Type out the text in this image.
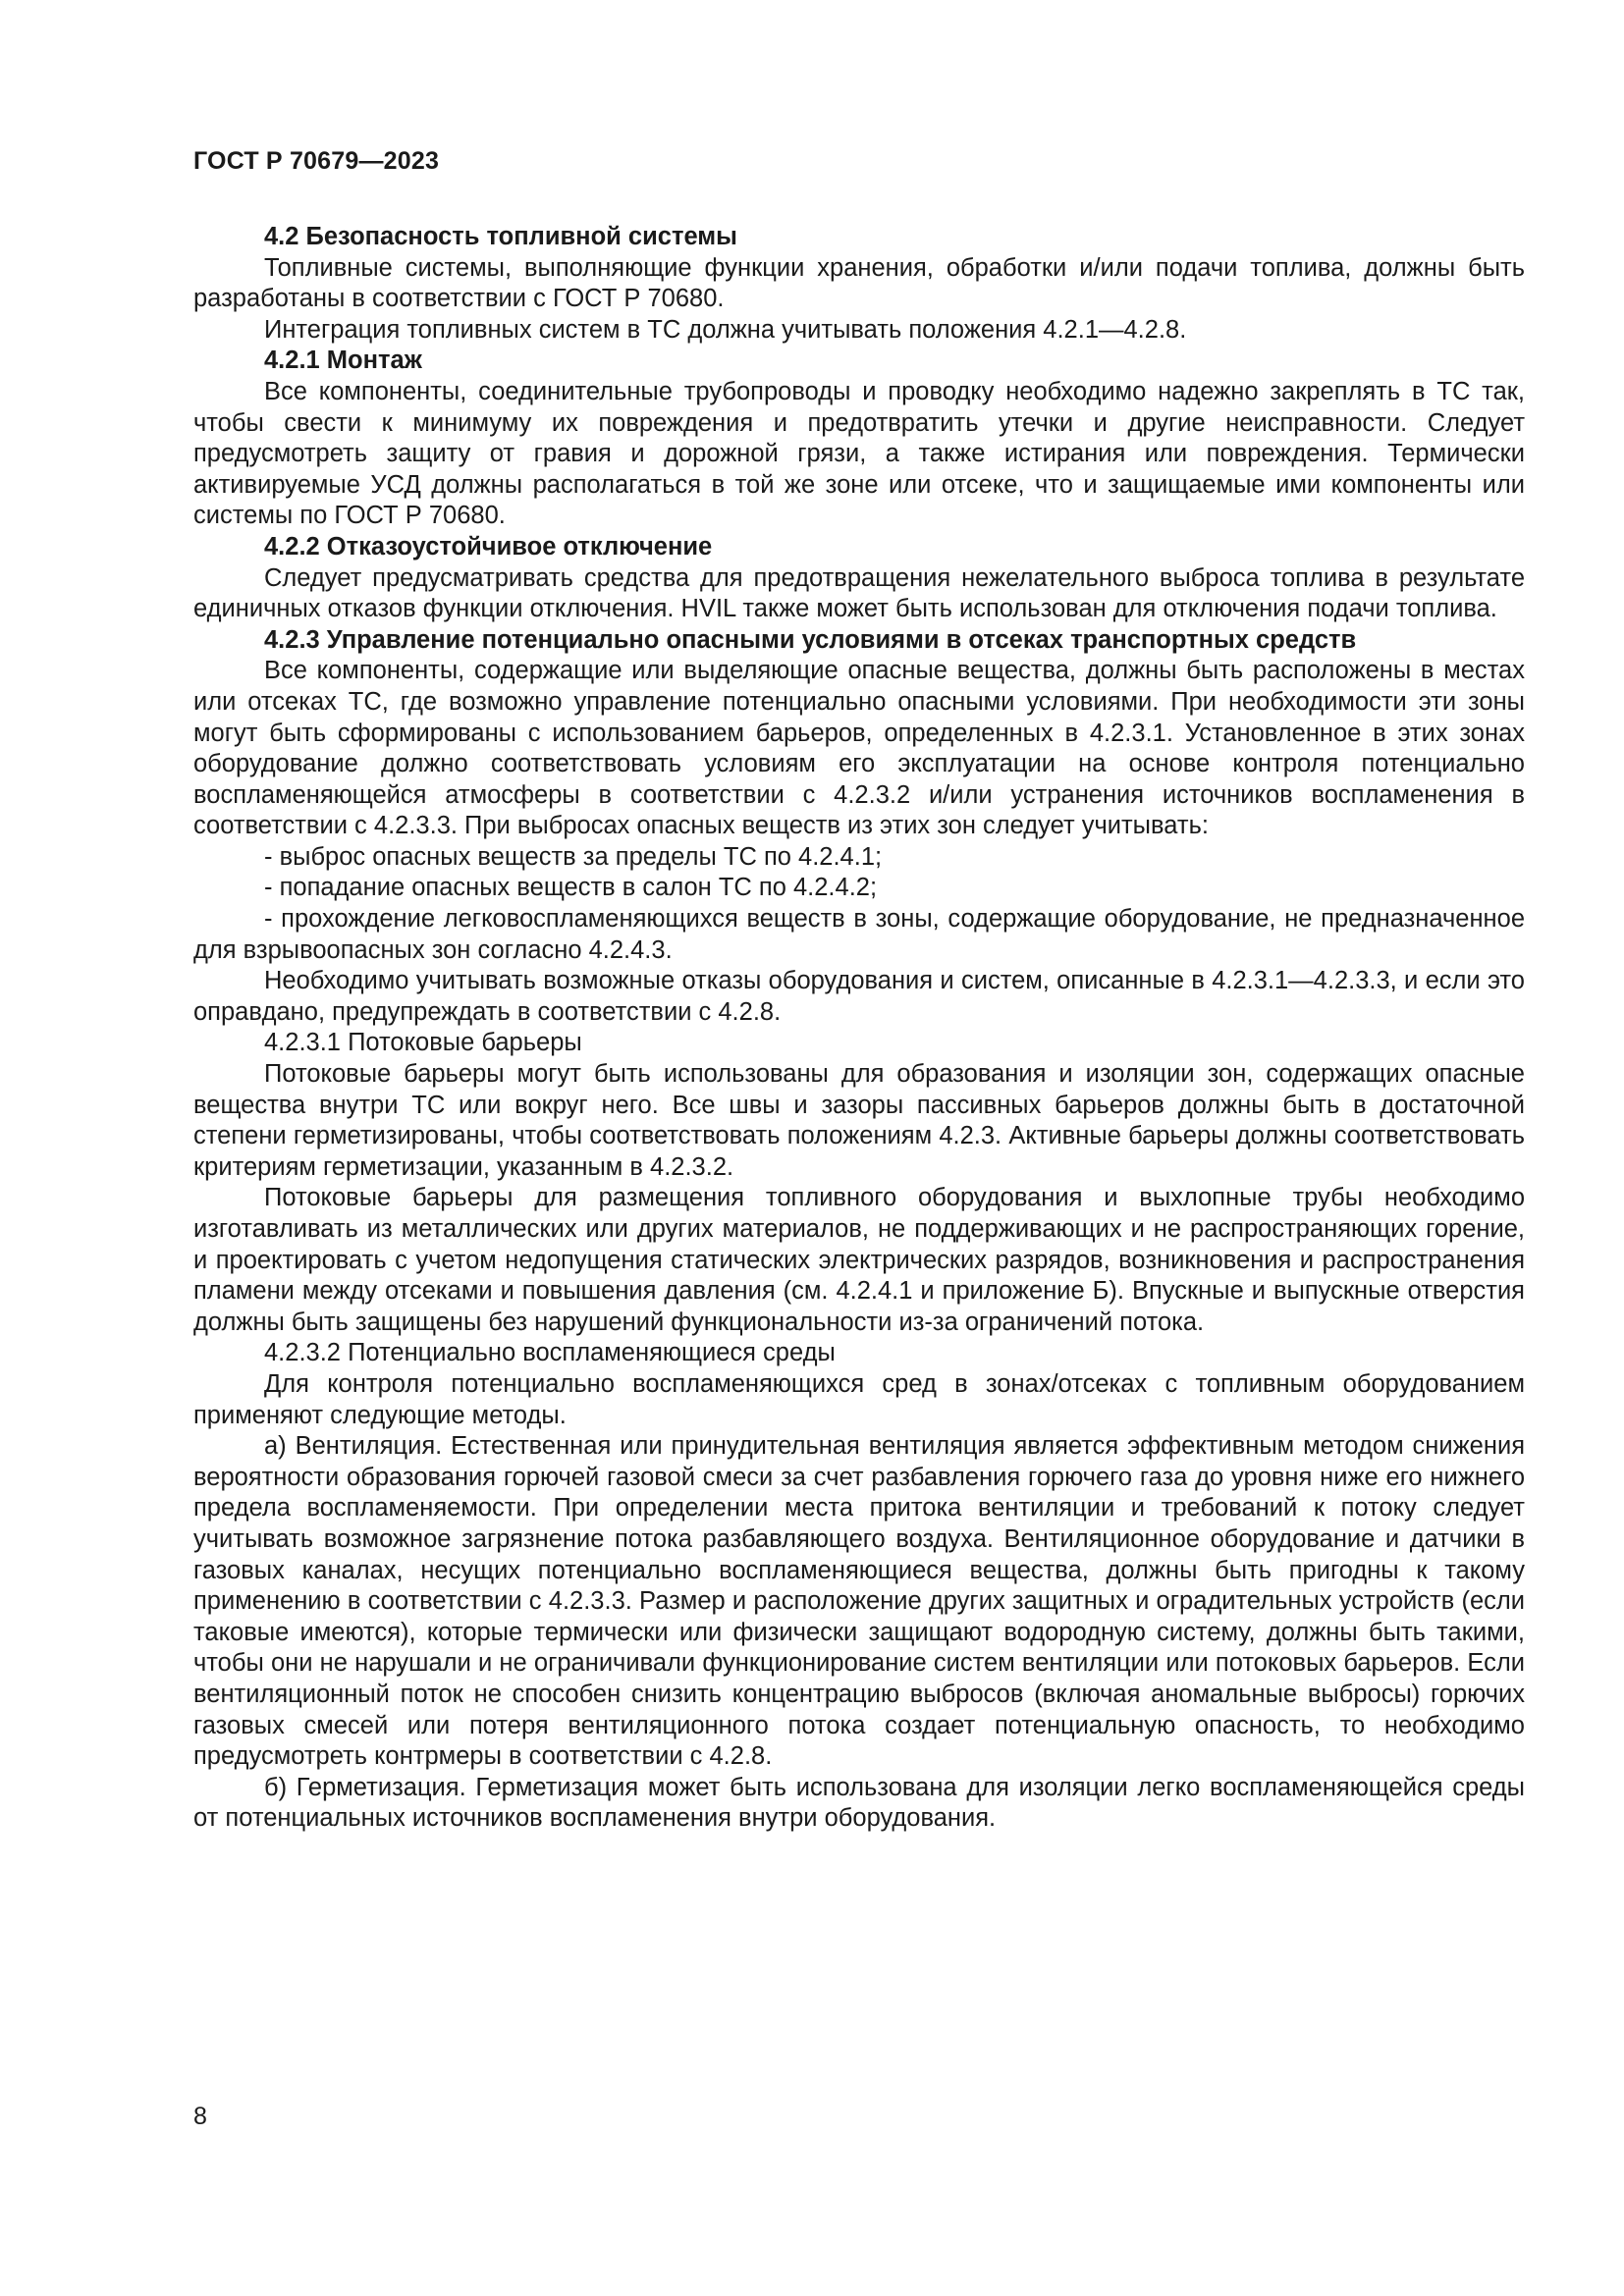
ГОСТ Р 70679—2023

4.2 Безопасность топливной системы

Топливные системы, выполняющие функции хранения, обработки и/или подачи топлива, должны быть разработаны в соответствии с ГОСТ Р 70680.

Интеграция топливных систем в ТС должна учитывать положения 4.2.1—4.2.8.

4.2.1 Монтаж

Все компоненты, соединительные трубопроводы и проводку необходимо надежно закреплять в ТС так, чтобы свести к минимуму их повреждения и предотвратить утечки и другие неисправности. Следует предусмотреть защиту от гравия и дорожной грязи, а также истирания или повреждения. Термически активируемые УСД должны располагаться в той же зоне или отсеке, что и защищаемые ими компоненты или системы по ГОСТ Р 70680.

4.2.2 Отказоустойчивое отключение

Следует предусматривать средства для предотвращения нежелательного выброса топлива в результате единичных отказов функции отключения. HVIL также может быть использован для отключения подачи топлива.

4.2.3 Управление потенциально опасными условиями в отсеках транспортных средств

Все компоненты, содержащие или выделяющие опасные вещества, должны быть расположены в местах или отсеках ТС, где возможно управление потенциально опасными условиями. При необходимости эти зоны могут быть сформированы с использованием барьеров, определенных в 4.2.3.1. Установленное в этих зонах оборудование должно соответствовать условиям его эксплуатации на основе контроля потенциально воспламеняющейся атмосферы в соответствии с 4.2.3.2 и/или устранения источников воспламенения в соответствии с 4.2.3.3. При выбросах опасных веществ из этих зон следует учитывать:

- выброс опасных веществ за пределы ТС по 4.2.4.1;

- попадание опасных веществ в салон ТС по 4.2.4.2;

- прохождение легковоспламеняющихся веществ в зоны, содержащие оборудование, не предназначенное для взрывоопасных зон согласно 4.2.4.3.

Необходимо учитывать возможные отказы оборудования и систем, описанные в 4.2.3.1—4.2.3.3, и если это оправдано, предупреждать в соответствии с 4.2.8.

4.2.3.1 Потоковые барьеры

Потоковые барьеры могут быть использованы для образования и изоляции зон, содержащих опасные вещества внутри ТС или вокруг него. Все швы и зазоры пассивных барьеров должны быть в достаточной степени герметизированы, чтобы соответствовать положениям 4.2.3. Активные барьеры должны соответствовать критериям герметизации, указанным в 4.2.3.2.

Потоковые барьеры для размещения топливного оборудования и выхлопные трубы необходимо изготавливать из металлических или других материалов, не поддерживающих и не распространяющих горение, и проектировать с учетом недопущения статических электрических разрядов, возникновения и распространения пламени между отсеками и повышения давления (см. 4.2.4.1 и приложение Б). Впускные и выпускные отверстия должны быть защищены без нарушений функциональности из-за ограничений потока.

4.2.3.2 Потенциально воспламеняющиеся среды

Для контроля потенциально воспламеняющихся сред в зонах/отсеках с топливным оборудованием применяют следующие методы.

а) Вентиляция. Естественная или принудительная вентиляция является эффективным методом снижения вероятности образования горючей газовой смеси за счет разбавления горючего газа до уровня ниже его нижнего предела воспламеняемости. При определении места притока вентиляции и требований к потоку следует учитывать возможное загрязнение потока разбавляющего воздуха. Вентиляционное оборудование и датчики в газовых каналах, несущих потенциально воспламеняющиеся вещества, должны быть пригодны к такому применению в соответствии с 4.2.3.3. Размер и расположение других защитных и оградительных устройств (если таковые имеются), которые термически или физически защищают водородную систему, должны быть такими, чтобы они не нарушали и не ограничивали функционирование систем вентиляции или потоковых барьеров. Если вентиляционный поток не способен снизить концентрацию выбросов (включая аномальные выбросы) горючих газовых смесей или потеря вентиляционного потока создает потенциальную опасность, то необходимо предусмотреть контрмеры в соответствии с 4.2.8.

б) Герметизация. Герметизация может быть использована для изоляции легко воспламеняющейся среды от потенциальных источников воспламенения внутри оборудования.

8
